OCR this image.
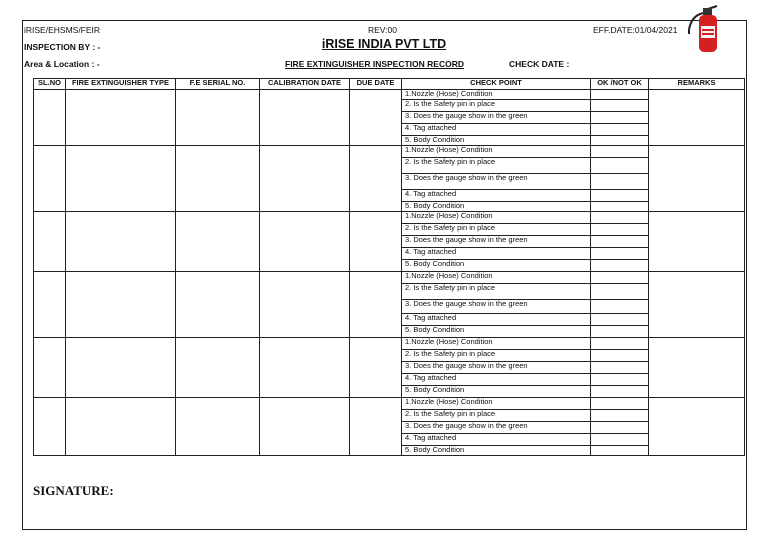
iRISE/EHSMS/FEIR	REV:00	EFF.DATE:01/04/2021
INSPECTION BY : -
Area & Location : -
iRISE INDIA PVT LTD
FIRE EXTINGUISHER INSPECTION RECORD	CHECK DATE :
SL.NO	FIRE EXTINGUISHER TYPE	F.E SERIAL NO.	CALIBRATION DATE	DUE DATE	CHECK POINT	OK /NOT OK	REMARKS
					1.Nozzle (Hose) Condition		
					2. Is the Safety pin in place		
					3. Does the gauge show in the green		
					4. Tag attached		
					5. Body Condition		
					1.Nozzle (Hose) Condition		
					2. Is the Safety pin in place		
					3. Does the gauge show in the green		
					4. Tag attached		
					5. Body Condition		
					1.Nozzle (Hose) Condition		
					2. Is the Safety pin in place		
					3. Does the gauge show in the green		
					4. Tag attached		
					5. Body Condition		
					1.Nozzle (Hose) Condition		
					2. Is the Safety pin in place		
					3. Does the gauge show in the green		
					4. Tag attached		
					5. Body Condition		
					1.Nozzle (Hose) Condition		
					2. Is the Safety pin in place		
					3. Does the gauge show in the green		
					4. Tag attached		
					5. Body Condition		
					1.Nozzle (Hose) Condition		
					2. Is the Safety pin in place		
					3. Does the gauge show in the green		
					4. Tag attached		
					5. Body Condition		
SIGNATURE:
